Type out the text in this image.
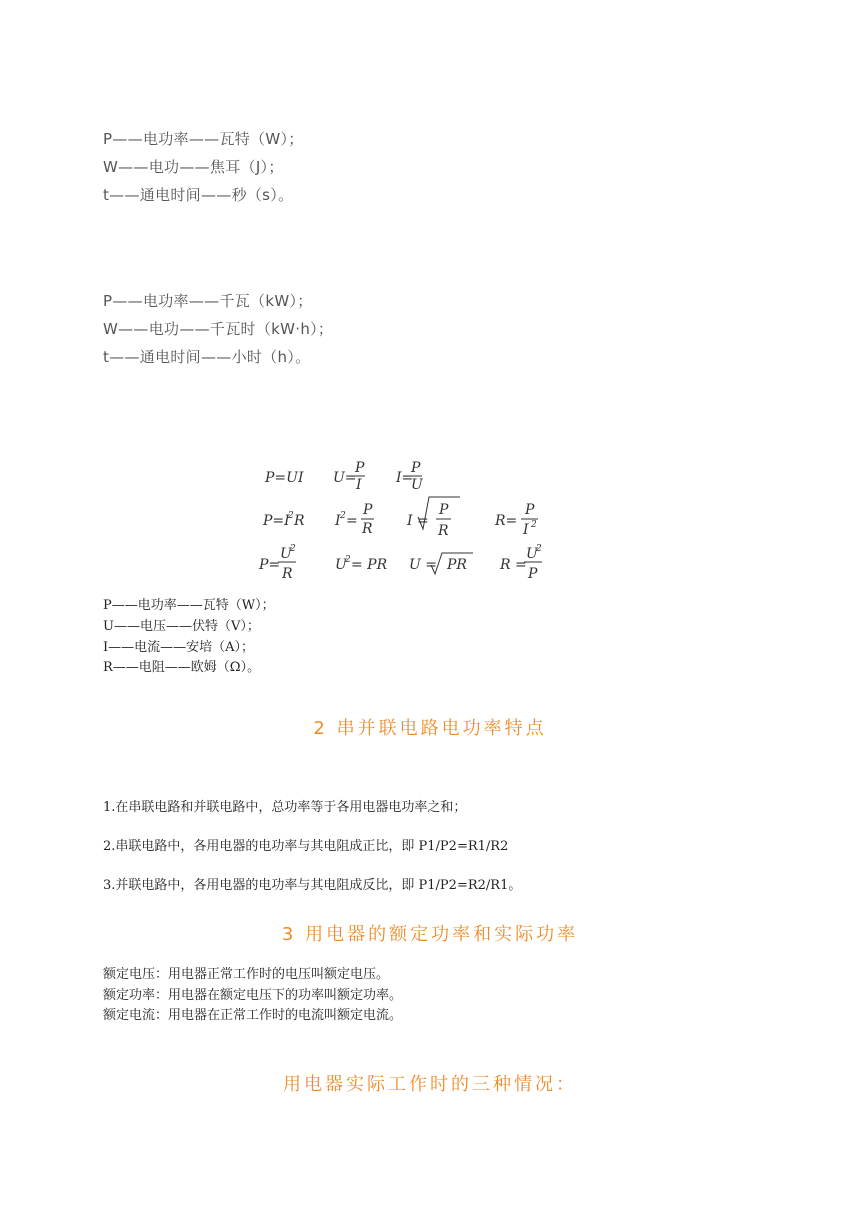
P——电功率——瓦特（W）；
W——电功——焦耳（J）；
t——通电时间——秒（s）。
P——电功率——千瓦（kW）；
W——电功——千瓦时（kW·h）；
t——通电时间——小时（h）。
P=UI U=
P
I I=
P
U
P=I
2 R I 2 =
P
R I =
P
R
R=
P
I 2
P=
U
2
R
U
2 = PR U = PR R =
U
2
P
P——电功率——瓦特（W）；
U——电压——伏特（V）；
I——电流——安培（A）；
R——电阻——欧姆（Ω）。
2 串并联电路电功率特点
1.在串联电路和并联电路中，总功率等于各用电器电功率之和；
2.串联电路中，各用电器的电功率与其电阻成正比，即 P1/P2=R1/R2
3.并联电路中，各用电器的电功率与其电阻成反比，即 P1/P2=R2/R1。
3 用电器的额定功率和实际功率
额定电压：用电器正常工作时的电压叫额定电压。
额定功率：用电器在额定电压下的功率叫额定功率。
额定电流：用电器在正常工作时的电流叫额定电流。
用电器实际工作时的三种情况：
